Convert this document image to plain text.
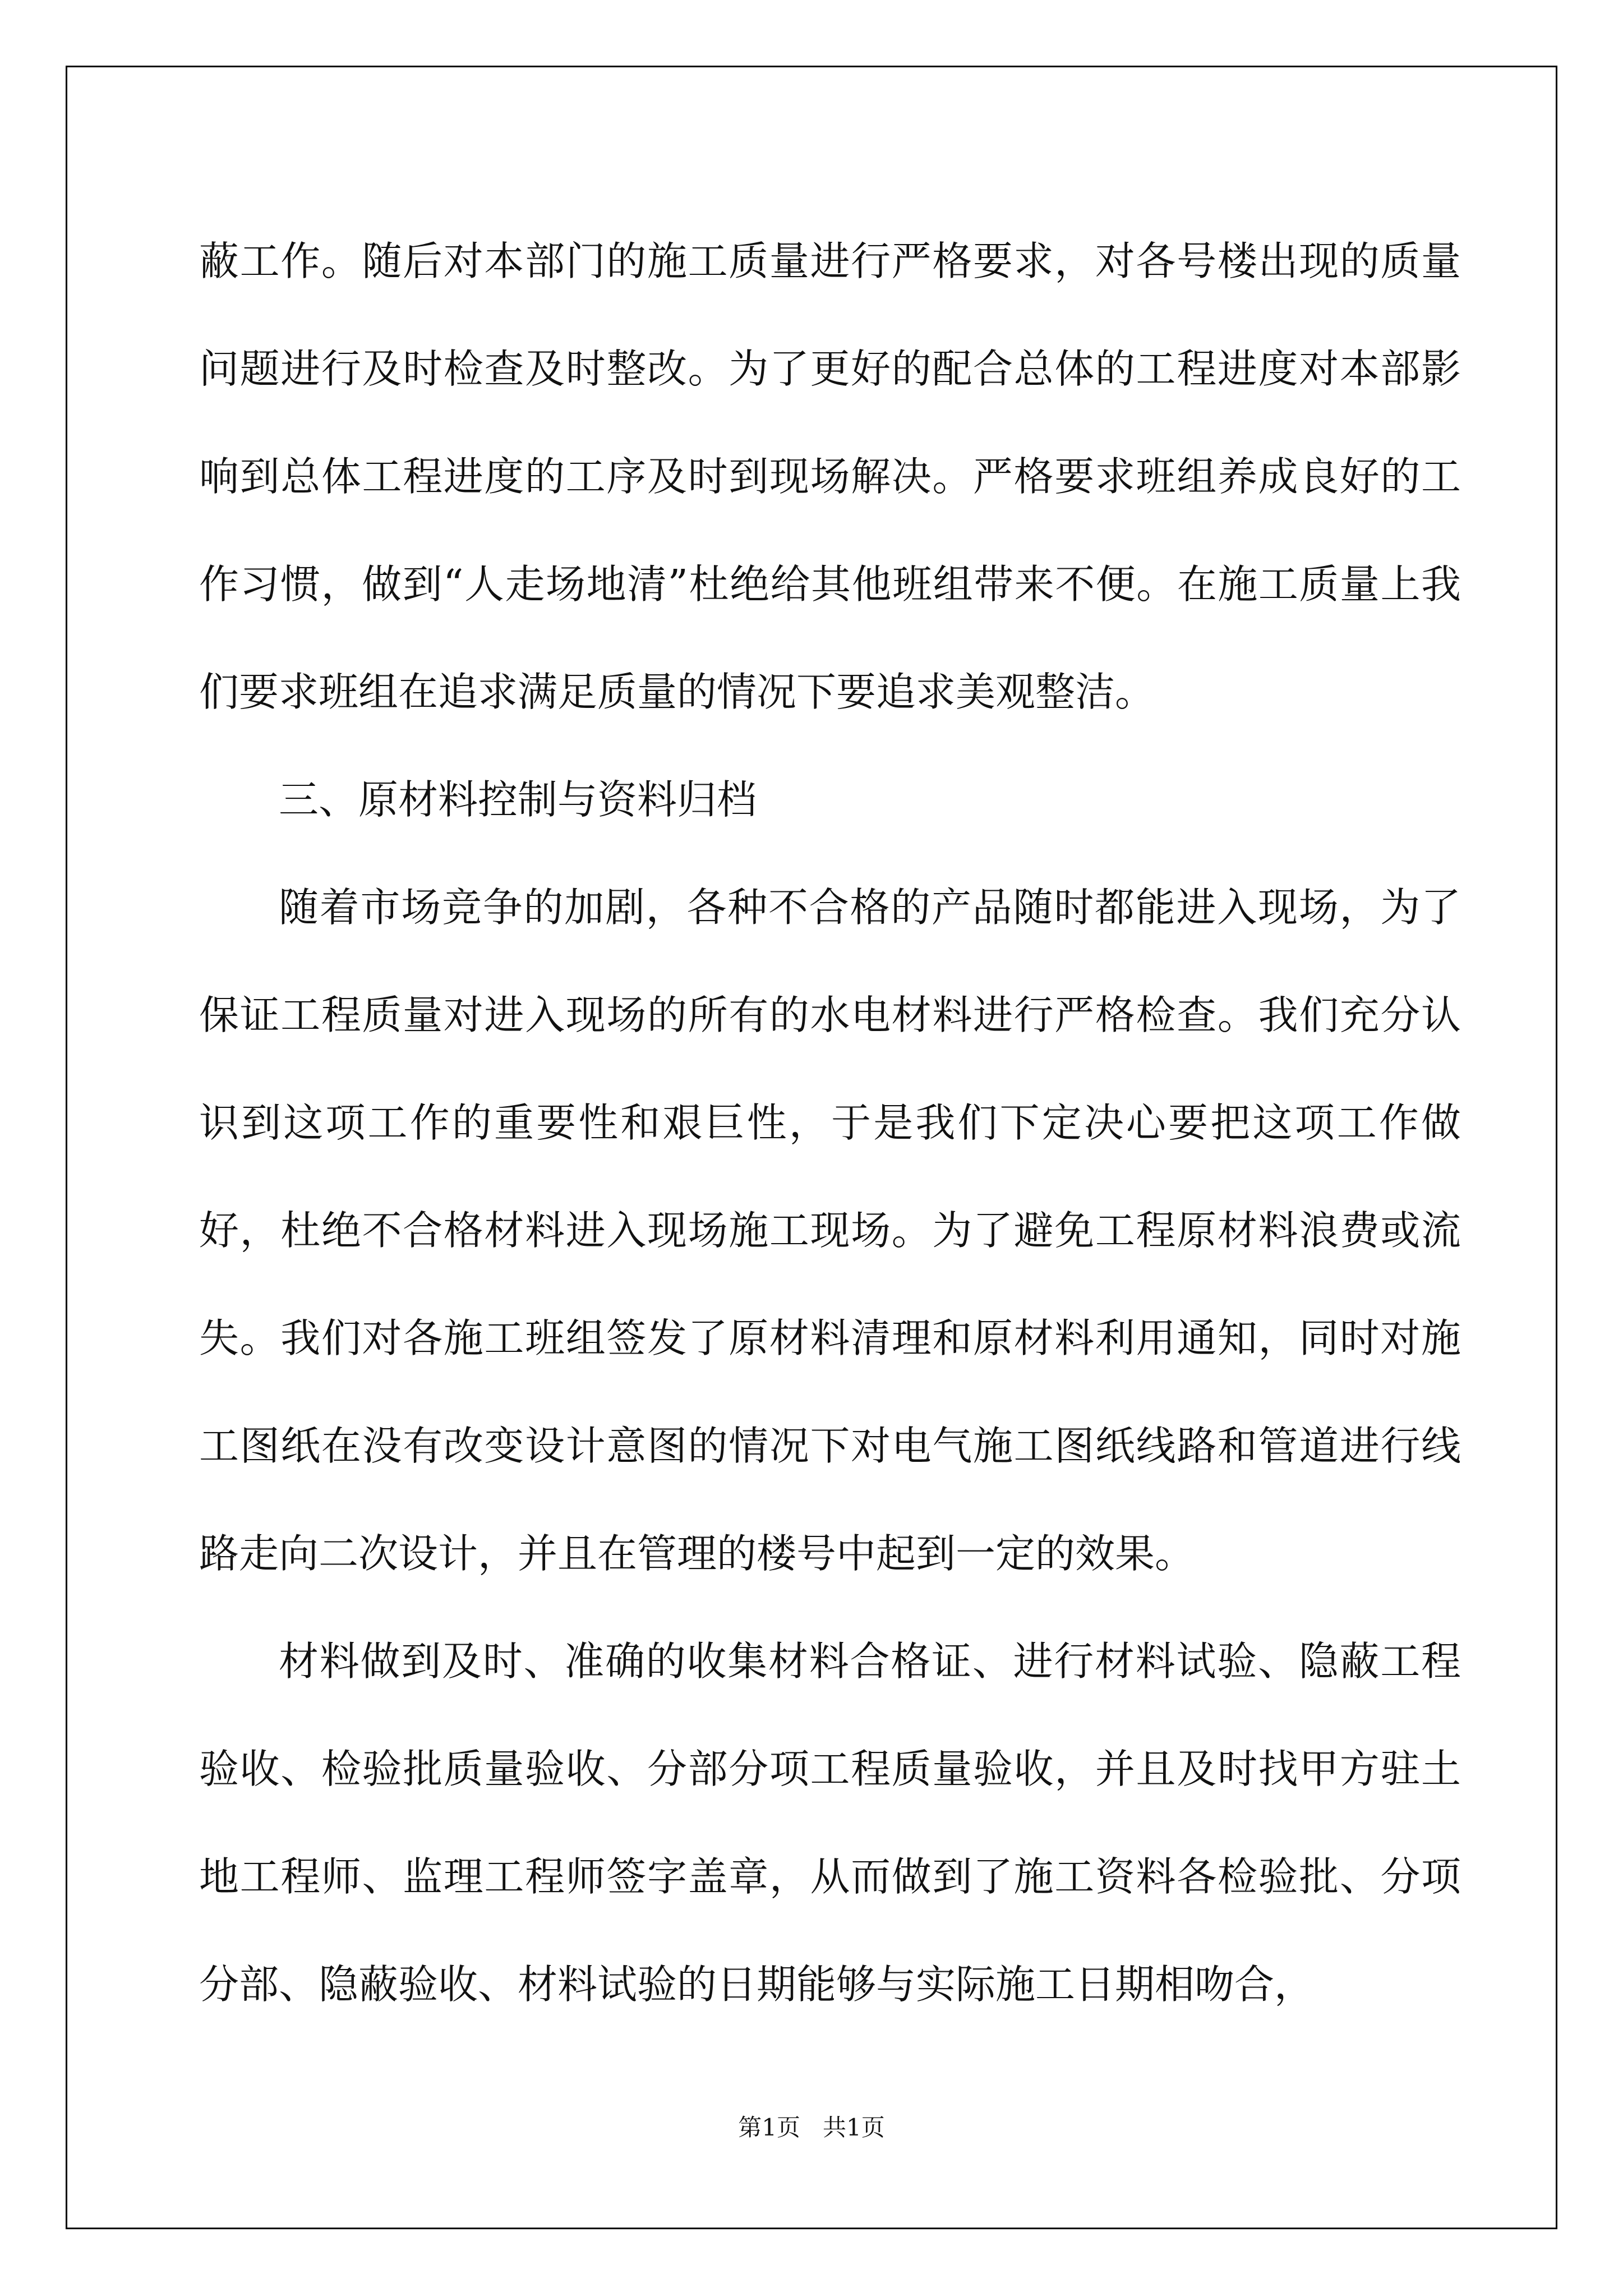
蔽工作。随后对本部门的施工质量进行严格要求，对各号楼出现的质量问题进行及时检查及时整改。为了更好的配合总体的工程进度对本部影响到总体工程进度的工序及时到现场解决。严格要求班组养成良好的工作习惯，做到“人走场地清”杜绝给其他班组带来不便。在施工质量上我们要求班组在追求满足质量的情况下要追求美观整洁。

三、原材料控制与资料归档

随着市场竞争的加剧，各种不合格的产品随时都能进入现场，为了保证工程质量对进入现场的所有的水电材料进行严格检查。我们充分认识到这项工作的重要性和艰巨性，于是我们下定决心要把这项工作做好，杜绝不合格材料进入现场施工现场。为了避免工程原材料浪费或流失。我们对各施工班组签发了原材料清理和原材料利用通知，同时对施工图纸在没有改变设计意图的情况下对电气施工图纸线路和管道进行线路走向二次设计，并且在管理的楼号中起到一定的效果。

材料做到及时、准确的收集材料合格证、进行材料试验、隐蔽工程验收、检验批质量验收、分部分项工程质量验收，并且及时找甲方驻土地工程师、监理工程师签字盖章，从而做到了施工资料各检验批、分项分部、隐蔽验收、材料试验的日期能够与实际施工日期相吻合，

第1页   共1页
